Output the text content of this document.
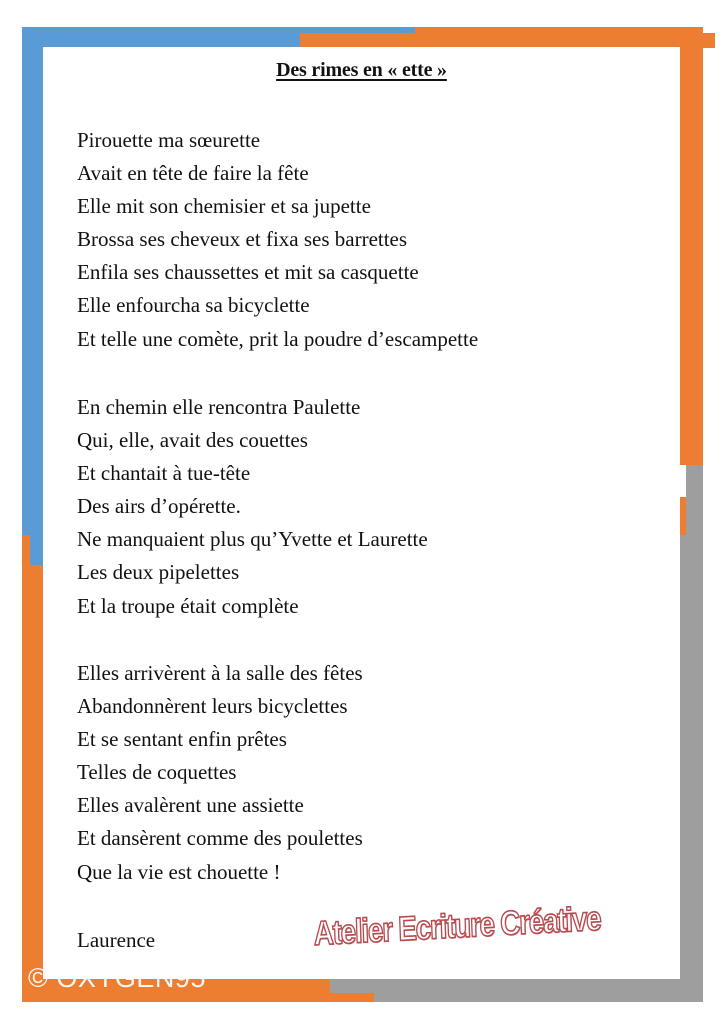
Des rimes en « ette »
Pirouette ma sœurette
Avait en tête de faire la fête
Elle mit son chemisier et sa jupette
Brossa ses cheveux et fixa ses barrettes
Enfila ses chaussettes et mit sa casquette
Elle enfourcha sa bicyclette
Et telle une comète, prit la poudre d’escampette
En chemin elle rencontra Paulette
Qui, elle, avait des couettes
Et chantait à tue-tête
Des airs d’opérette.
Ne manquaient plus qu’Yvette et Laurette
Les deux pipelettes
Et la troupe était complète
Elles arrivèrent à la salle des fêtes
Abandonnèrent leurs bicyclettes
Et se sentant enfin prêtes
Telles de coquettes
Elles avalèrent une assiette
Et dansèrent comme des poulettes
Que la vie est chouette !
Laurence	Atelier Ecriture Créative
© OXYGEN95
